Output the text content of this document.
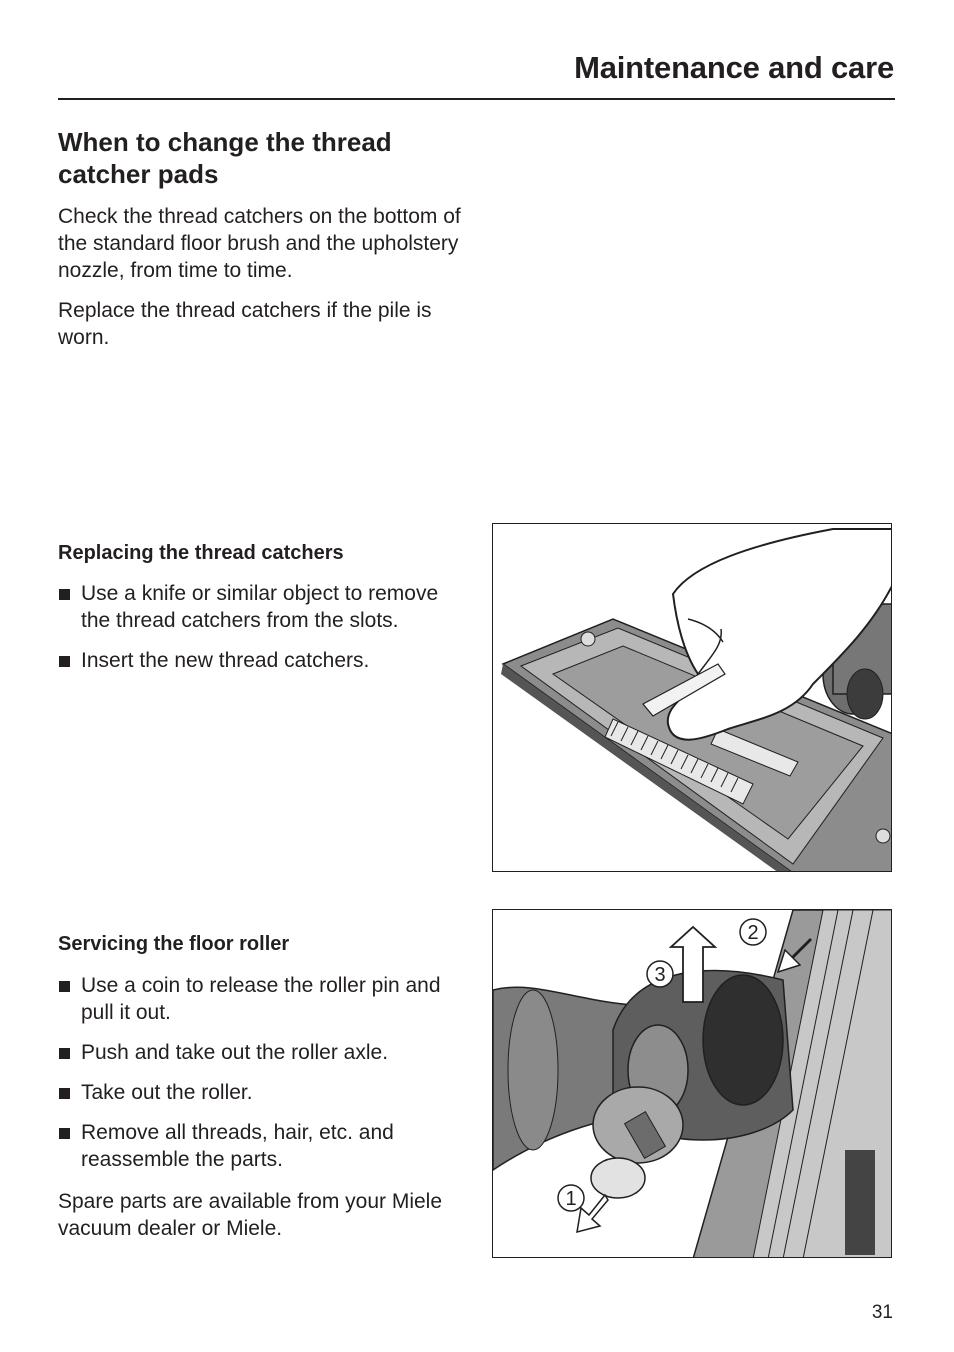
Maintenance and care
When to change the thread catcher pads

Check the thread catchers on the bottom of the standard floor brush and the upholstery nozzle, from time to time.

Replace the thread catchers if the pile is worn.

Replacing the thread catchers
Use a knife or similar object to remove the thread catchers from the slots.
Insert the new thread catchers.
Servicing the floor roller
Use a coin to release the roller pin and pull it out.
Push and take out the roller axle.
Take out the roller.
Remove all threads, hair, etc. and reassemble the parts.

Spare parts are available from your Miele vacuum dealer or Miele.

1
2
3
31
